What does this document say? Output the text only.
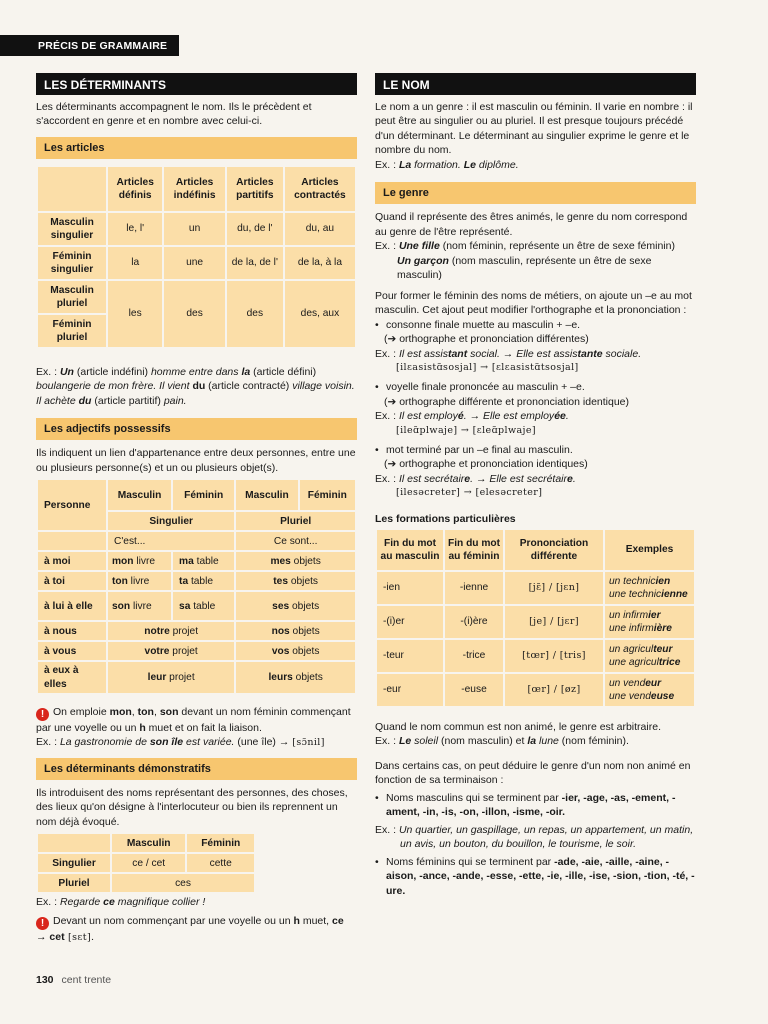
PRÉCIS DE GRAMMAIRE
LES DÉTERMINANTS

Les déterminants accompagnent le nom. Ils le précèdent et s'accordent en genre et en nombre avec celui-ci.

Les articles
	Articles définis	Articles indéfinis	Articles partitifs	Articles contractés
Masculin singulier	le, l'	un	du, de l'	du, au
Féminin singulier	la	une	de la, de l'	de la, à la
Masculin pluriel	les	des	des	des, aux
Féminin pluriel				

Ex. : Un (article indéfini) homme entre dans la (article défini) boulangerie de mon frère. Il vient du (article contracté) village voisin. Il achète du (article partitif) pain.

Les adjectifs possessifs

Ils indiquent un lien d'appartenance entre deux personnes, entre une ou plusieurs personne(s) et un ou plusieurs objet(s).

Personne	Masculin	Féminin	Masculin	Féminin
	Singulier		Pluriel	
	C'est...		Ce sont...	
à moi	mon livre	ma table	mes objets	
à toi	ton livre	ta table	tes objets	
à lui à elle	son livre	sa table	ses objets	
à nous	notre projet		nos objets	
à vous	votre projet		vos objets	
à eux à elles	leur projet		leurs objets	

! On emploie mon, ton, son devant un nom féminin commençant par une voyelle ou un h muet et on fait la liaison.

Ex. : La gastronomie de son île est variée. (une île) → [sɔ̃nil]

Les déterminants démonstratifs

Ils introduisent des noms représentant des personnes, des choses, des lieux qu'on désigne à l'interlocuteur ou bien ils reprennent un nom déjà évoqué.

	Masculin	Féminin
Singulier	ce / cet	cette
Pluriel	ces	

Ex. : Regarde ce magnifique collier !

! Devant un nom commençant par une voyelle ou un h muet, ce → cet [sɛt].

LE NOM

Le nom a un genre : il est masculin ou féminin. Il varie en nombre : il peut être au singulier ou au pluriel. Il est presque toujours précédé d'un déterminant. Le déterminant au singulier exprime le genre et le nombre du nom.

Ex. : La formation. Le diplôme.

Le genre

Quand il représente des êtres animés, le genre du nom correspond au genre de l'être représenté.

Ex. : Une fille (nom féminin, représente un être de sexe féminin)

Un garçon (nom masculin, représente un être de sexe masculin)

Pour former le féminin des noms de métiers, on ajoute un –e au mot masculin. Cet ajout peut modifier l'orthographe et la prononciation :

• consonne finale muette au masculin + –e.

(➔ orthographe et prononciation différentes)

Ex. : Il est assistant social. → Elle est assistante sociale.

[ilɛasistɑ̃sosjal] → [ɛlɛasistɑ̃tsosjal]

• voyelle finale prononcée au masculin + –e.

(➔ orthographe différente et prononciation identique)

Ex. : Il est employé. → Elle est employée.

[ileɑ̃plwaje] → [ɛleɑ̃plwaje]

• mot terminé par un –e final au masculin.

(➔ orthographe et prononciation identiques)

Ex. : Il est secrétaire. → Elle est secrétaire.

[ilesəcreter] → [elesəcreter]

Les formations particulières
Fin du mot au masculin	Fin du mot au féminin	Prononciation différente	Exemples
-ien	-ienne	[jɛ̃] / [jɛn]	un technicien
une technicienne
-(i)er	-(i)ère	[je] / [jɛr]	un infirmier
une infirmière
-teur	-trice	[tœr] / [tris]	un agriculteur
une agricultrice
-eur	-euse	[œr] / [øz]	un vendeur
une vendeuse

Quand le nom commun est non animé, le genre est arbitraire.

Ex. : Le soleil (nom masculin) et la lune (nom féminin).

Dans certains cas, on peut déduire le genre d'un nom non animé en fonction de sa terminaison :

• Noms masculins qui se terminent par -ier, -age, -as, -ement, -ament, -in, -is, -on, -illon, -isme, -oir.

Ex. : Un quartier, un gaspillage, un repas, un appartement, un matin, un avis, un bouton, du bouillon, le tourisme, le soir.

• Noms féminins qui se terminent par -ade, -aie, -aille, -aine, -aison, -ance, -ande, -esse, -ette, -ie, -ille, -ise, -sion, -tion, -té, -ure.
130 cent trente
